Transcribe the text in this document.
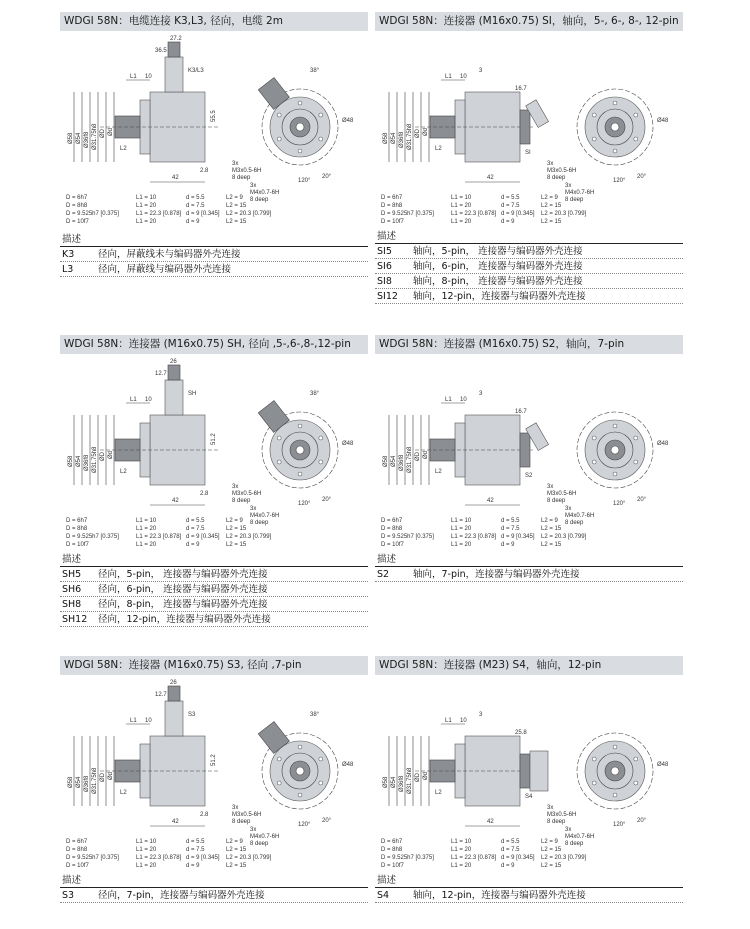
WDGI 58N：电缆连接 K3,L3, 径向，电缆 2m
42
L1 10
L2
Ø58 Ø54 Ø36f8 Ø31.75h8 ØD Ød
K3/L3
27.2
36.5
55.5
2.8
38°
Ø48
3x
M3x0.5-6H
8 deep
3x
M4x0.7-6H
8 deep
120°
20°
D = 6h7	L1 = 10	d = 5.5	L2 = 9
D = 8h8	L1 = 20	d = 7.5	L2 = 15
D = 9.525h7 [0.375]	L1 = 22.3 [0.878] d = 9 [0.345]	L2 = 20.3 [0.799]
D = 10f7	L1 = 20	d = 9	L2 = 15
描述
K3	径向，屏蔽线未与编码器外壳连接
L3	径向，屏蔽线与编码器外壳连接
WDGI 58N：连接器 (M16x0.75) SI，轴向，5-, 6-, 8-, 12-pin
42
L1 10
L2
Ø58 Ø54 Ø36f8 Ø31.75h8 ØD Ød
SI
16.7
3
Ø48
3x
M3x0.5-6H
8 deep
3x
M4x0.7-6H
8 deep
120°
20°
D = 6h7	L1 = 10	d = 5.5	L2 = 9
D = 8h8	L1 = 20	d = 7.5	L2 = 15
D = 9.525h7 [0.375]	L1 = 22.3 [0.878] d = 9 [0.345]	L2 = 20.3 [0.799]
D = 10f7	L1 = 20	d = 9	L2 = 15
描述
SI5	轴向，5-pin， 连接器与编码器外壳连接
SI6	轴向，6-pin， 连接器与编码器外壳连接
SI8	轴向，8-pin， 连接器与编码器外壳连接
SI12	轴向，12-pin，连接器与编码器外壳连接
WDGI 58N：连接器 (M16x0.75) SH, 径向 ,5-,6-,8-,12-pin
42
L1 10
L2
Ø58 Ø54 Ø36f8 Ø31.75h8 ØD Ød
SH
26
12.7
51.2
2.8
38°
Ø48
3x
M3x0.5-6H
8 deep
3x
M4x0.7-6H
8 deep
120°
20°
D = 6h7	L1 = 10	d = 5.5	L2 = 9
D = 8h8	L1 = 20	d = 7.5	L2 = 15
D = 9.525h7 [0.375]	L1 = 22.3 [0.878] d = 9 [0.345]	L2 = 20.3 [0.799]
D = 10f7	L1 = 20	d = 9	L2 = 15
描述
SH5	径向，5-pin， 连接器与编码器外壳连接
SH6	径向，6-pin， 连接器与编码器外壳连接
SH8	径向，8-pin， 连接器与编码器外壳连接
SH12	径向，12-pin，连接器与编码器外壳连接
WDGI 58N：连接器 (M16x0.75) S2，轴向，7-pin
42
L1 10
L2
Ø58 Ø54 Ø36f8 Ø31.75h8 ØD Ød
S2
16.7
3
Ø48
3x
M3x0.5-6H
8 deep
3x
M4x0.7-6H
8 deep
120°
20°
D = 6h7	L1 = 10	d = 5.5	L2 = 9
D = 8h8	L1 = 20	d = 7.5	L2 = 15
D = 9.525h7 [0.375]	L1 = 22.3 [0.878] d = 9 [0.345]	L2 = 20.3 [0.799]
D = 10f7	L1 = 20	d = 9	L2 = 15
描述
S2	轴向，7-pin，连接器与编码器外壳连接
WDGI 58N：连接器 (M16x0.75) S3, 径向 ,7-pin
42
L1 10
L2
Ø58 Ø54 Ø36f8 Ø31.75h8 ØD Ød
S3
26
12.7
51.2
2.8
38°
Ø48
3x
M3x0.5-6H
8 deep
3x
M4x0.7-6H
8 deep
120°
20°
D = 6h7	L1 = 10	d = 5.5	L2 = 9
D = 8h8	L1 = 20	d = 7.5	L2 = 15
D = 9.525h7 [0.375]	L1 = 22.3 [0.878] d = 9 [0.345]	L2 = 20.3 [0.799]
D = 10f7	L1 = 20	d = 9	L2 = 15
描述
S3	径向，7-pin，连接器与编码器外壳连接
WDGI 58N：连接器 (M23) S4，轴向，12-pin
42
L1 10
L2
Ø58 Ø54 Ø36f8 Ø31.75h8 ØD Ød
S4
25.8
3
Ø48
3x
M3x0.5-6H
8 deep
3x
M4x0.7-6H
8 deep
120°
20°
D = 6h7	L1 = 10	d = 5.5	L2 = 9
D = 8h8	L1 = 20	d = 7.5	L2 = 15
D = 9.525h7 [0.375]	L1 = 22.3 [0.878] d = 9 [0.345]	L2 = 20.3 [0.799]
D = 10f7	L1 = 20	d = 9	L2 = 15
描述
S4	轴向，12-pin，连接器与编码器外壳连接
